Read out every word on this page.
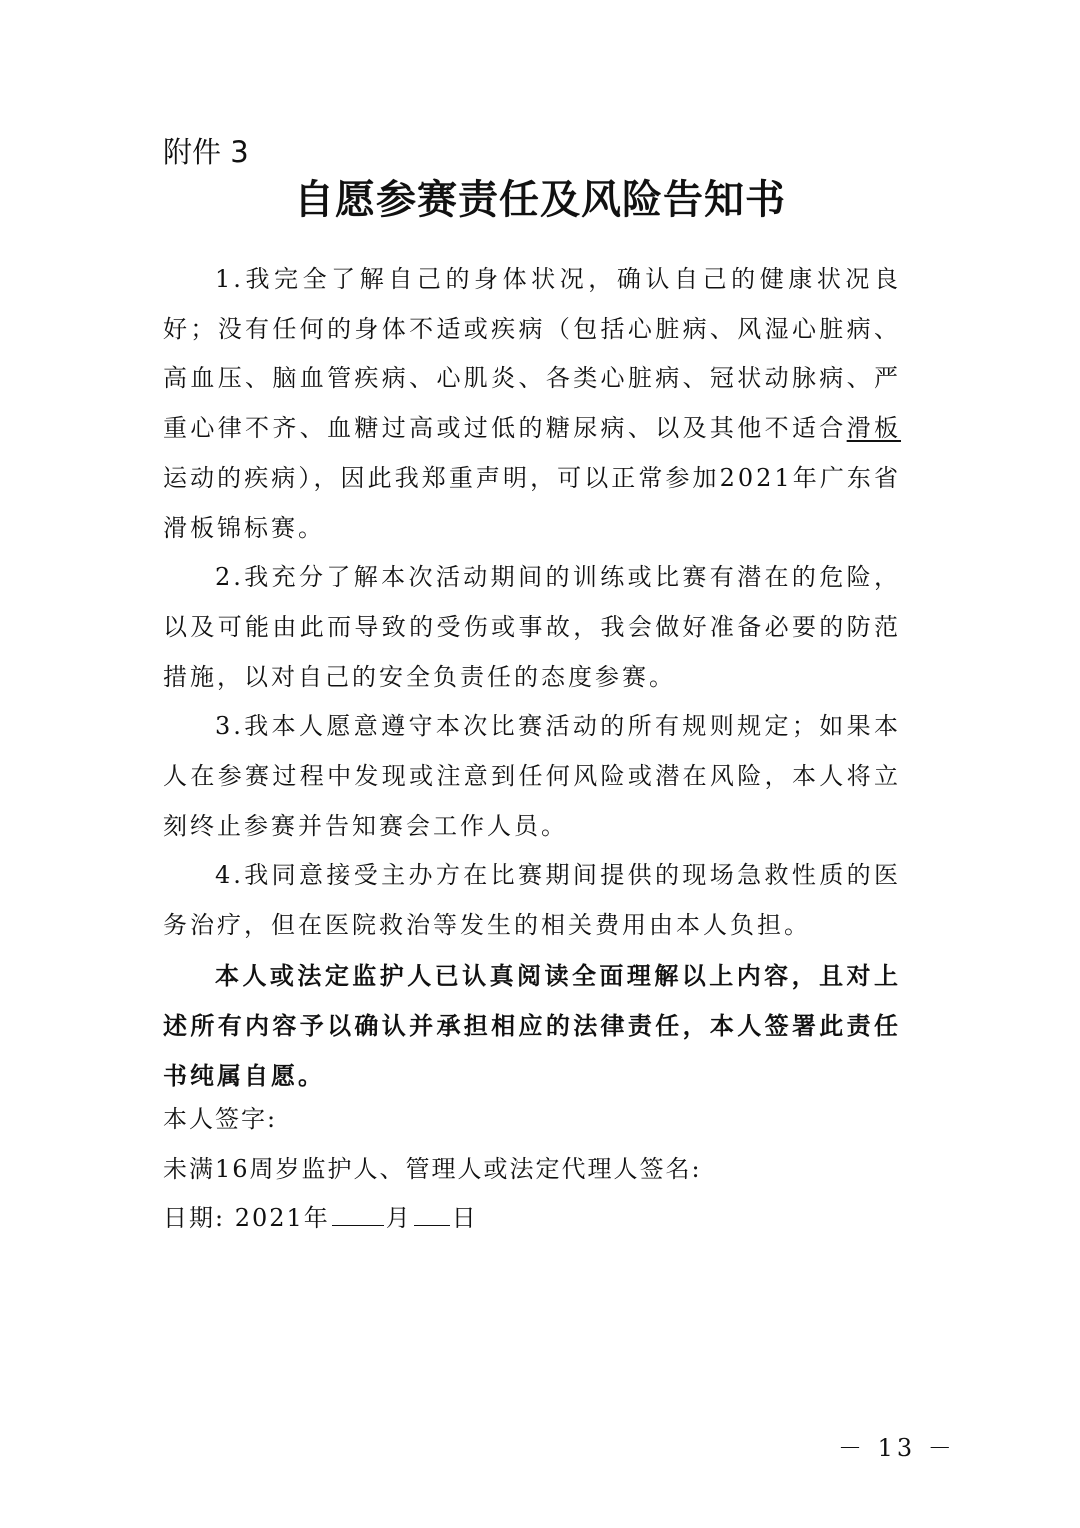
附件 3
自愿参赛责任及风险告知书

1.我完全了解自己的身体状况，确认自己的健康状况良好；没有任何的身体不适或疾病（包括心脏病、风湿心脏病、高血压、脑血管疾病、心肌炎、各类心脏病、冠状动脉病、严重心律不齐、血糖过高或过低的糖尿病、以及其他不适合滑板运动的疾病），因此我郑重声明，可以正常参加2021年广东省滑板锦标赛。

2.我充分了解本次活动期间的训练或比赛有潜在的危险，以及可能由此而导致的受伤或事故，我会做好准备必要的防范措施，以对自己的安全负责任的态度参赛。

3.我本人愿意遵守本次比赛活动的所有规则规定；如果本人在参赛过程中发现或注意到任何风险或潜在风险，本人将立刻终止参赛并告知赛会工作人员。

4.我同意接受主办方在比赛期间提供的现场急救性质的医务治疗，但在医院救治等发生的相关费用由本人负担。

本人或法定监护人已认真阅读全面理解以上内容，且对上述所有内容予以确认并承担相应的法律责任，本人签署此责任书纯属自愿。

本人签字:

未满16周岁监护人、管理人或法定代理人签名:

日期: 2021年 月 日

－ 13 －
